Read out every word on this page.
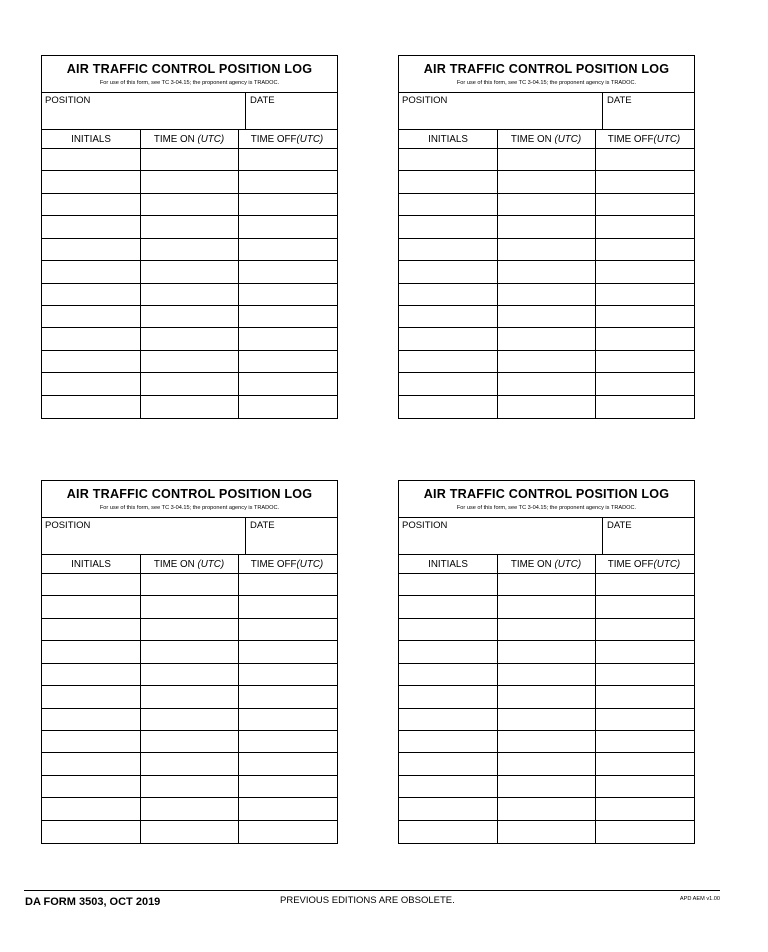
AIR TRAFFIC CONTROL POSITION LOG
For use of this form, see TC 3-04.15; the proponent agency is TRADOC.
POSITION	DATE
INITIALS	TIME ON (UTC)	TIME OFF(UTC)
AIR TRAFFIC CONTROL POSITION LOG
For use of this form, see TC 3-04.15; the proponent agency is TRADOC.
POSITION	DATE
INITIALS	TIME ON (UTC)	TIME OFF(UTC)
AIR TRAFFIC CONTROL POSITION LOG
For use of this form, see TC 3-04.15; the proponent agency is TRADOC.
POSITION	DATE
INITIALS	TIME ON (UTC)	TIME OFF(UTC)
AIR TRAFFIC CONTROL POSITION LOG
For use of this form, see TC 3-04.15; the proponent agency is TRADOC.
POSITION	DATE
INITIALS	TIME ON (UTC)	TIME OFF(UTC)
DA FORM 3503, OCT 2019	PREVIOUS EDITIONS ARE OBSOLETE.	APD AEM v1.00
